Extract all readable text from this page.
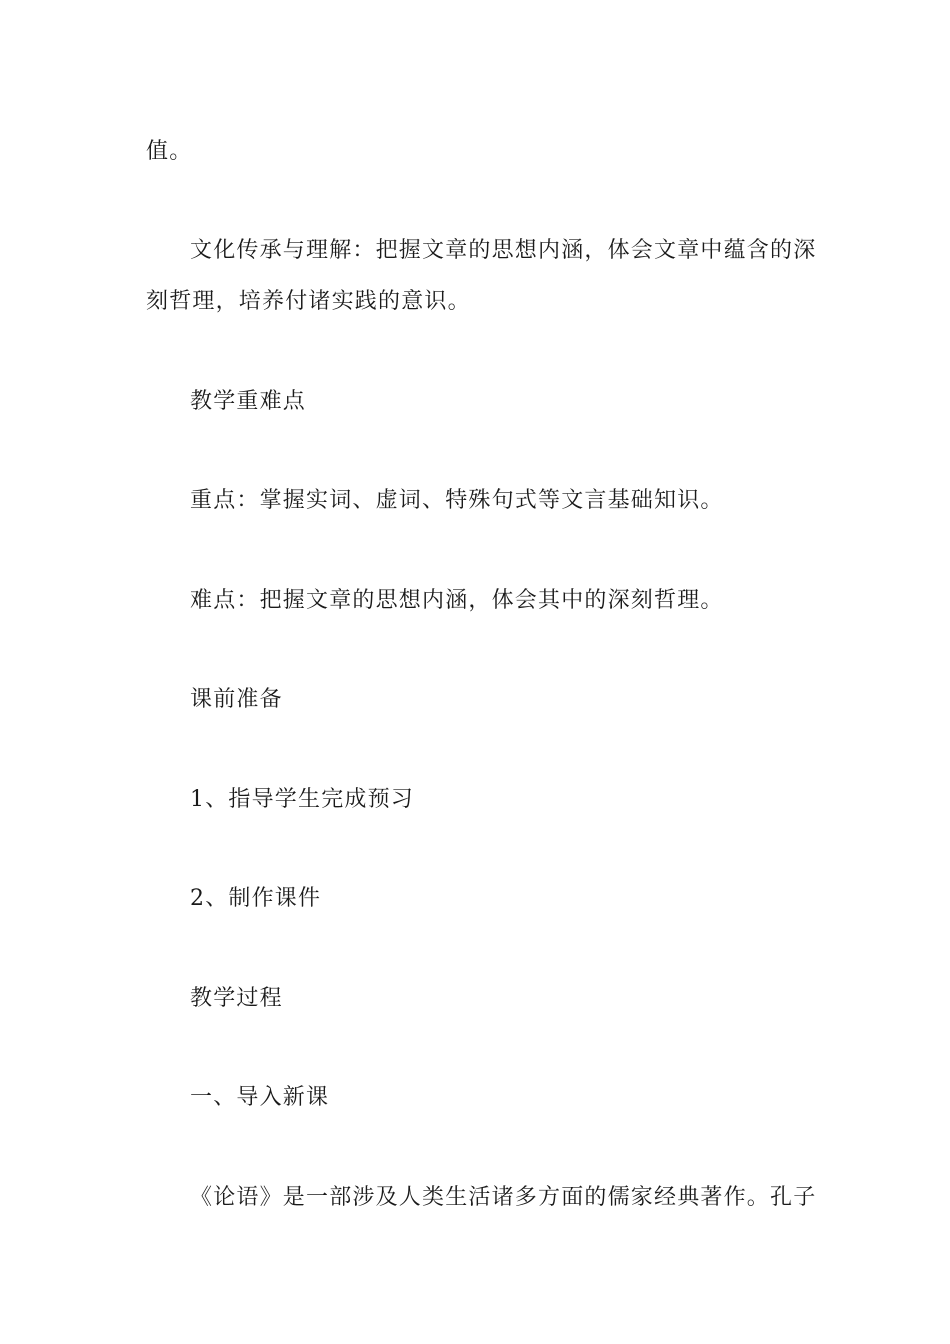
值。
文化传承与理解：把握文章的思想内涵，体会文章中蕴含的深
刻哲理，培养付诸实践的意识。
教学重难点
重点：掌握实词、虚词、特殊句式等文言基础知识。
难点：把握文章的思想内涵，体会其中的深刻哲理。
课前准备
1、指导学生完成预习
2、制作课件
教学过程
一、导入新课
《论语》是一部涉及人类生活诸多方面的儒家经典著作。孔子
